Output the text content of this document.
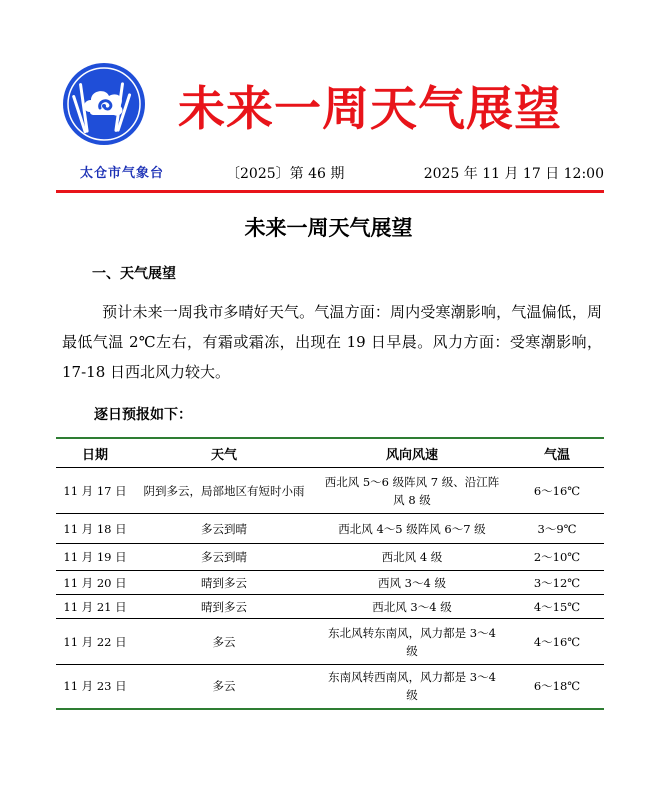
未来一周天气展望
太仓市气象台	〔2025〕第 46 期	2025 年 11 月 17 日 12:00
未来一周天气展望
一、天气展望
预计未来一周我市多晴好天气。气温方面：周内受寒潮影响，气温偏低，周最低气温 2℃左右，有霜或霜冻，出现在 19 日早晨。风力方面：受寒潮影响，17-18 日西北风力较大。
逐日预报如下：
日期	天气	风向风速	气温
11 月 17 日	阴到多云，局部地区有短时小雨	西北风 5～6 级阵风 7 级、沿江阵风 8 级	6～16℃
11 月 18 日	多云到晴	西北风 4～5 级阵风 6～7 级	3～9℃
11 月 19 日	多云到晴	西北风 4 级	2～10℃
11 月 20 日	晴到多云	西风 3～4 级	3～12℃
11 月 21 日	晴到多云	西北风 3～4 级	4～15℃
11 月 22 日	多云	东北风转东南风，风力都是 3～4 级	4～16℃
11 月 23 日	多云	东南风转西南风，风力都是 3～4 级	6～18℃
